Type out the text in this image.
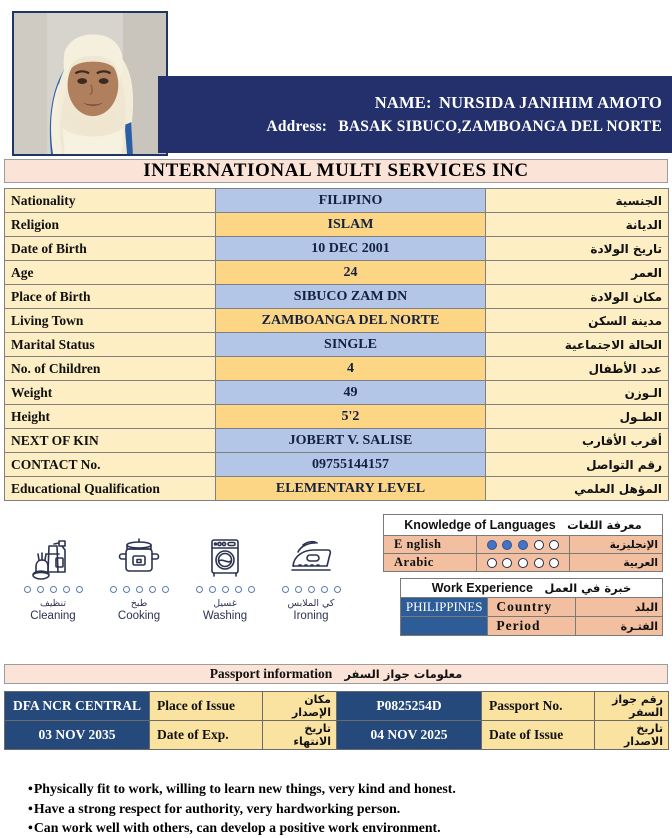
NAME: NURSIDA JANIHIM AMOTO
Address: BASAK SIBUCO,ZAMBOANGA DEL NORTE
INTERNATIONAL MULTI SERVICES INC
Nationality	FILIPINO	الجنسية
Religion	ISLAM	الديانة
Date of Birth	10 DEC 2001	تاريخ الولادة
Age	24	العمر
Place of Birth	SIBUCO ZAM DN	مكان الولادة
Living Town	ZAMBOANGA DEL NORTE	مدينة السكن
Marital Status	SINGLE	الحالة الاجتماعية
No. of Children	4	عدد الأطفال
Weight	49	الـوزن
Height	5'2	الطـول
NEXT OF KIN	JOBERT V. SALISE	أقرب الأقارب
CONTACT No.	09755144157	رقم التواصل
Educational Qualification	ELEMENTARY LEVEL	المؤهل العلمي
تنظيف
Cleaning
طبخ
Cooking
غسيل
Washing
كي الملابس
Ironing
Knowledge of Languages معرفة اللغات		
E nglish		الإنجليزية
Arabic		العربية
Work Experience خبرة في العمل		
PHILIPPINES	Country	البلد
	Period	الفتـرة
Passport information معلومات جواز السفر
DFA NCR CENTRAL	Place of Issue	مكان الإصدار	P0825254D	Passport No.	رقم جواز السفر
03 NOV 2035	Date of Exp.	تاريخ الانتهاء	04 NOV 2025	Date of Issue	تاريخ الاصدار
• Physically fit to work, willing to learn new things, very kind and honest.
• Have a strong respect for authority, very hardworking person.
• Can work well with others, can develop a positive work environment.
